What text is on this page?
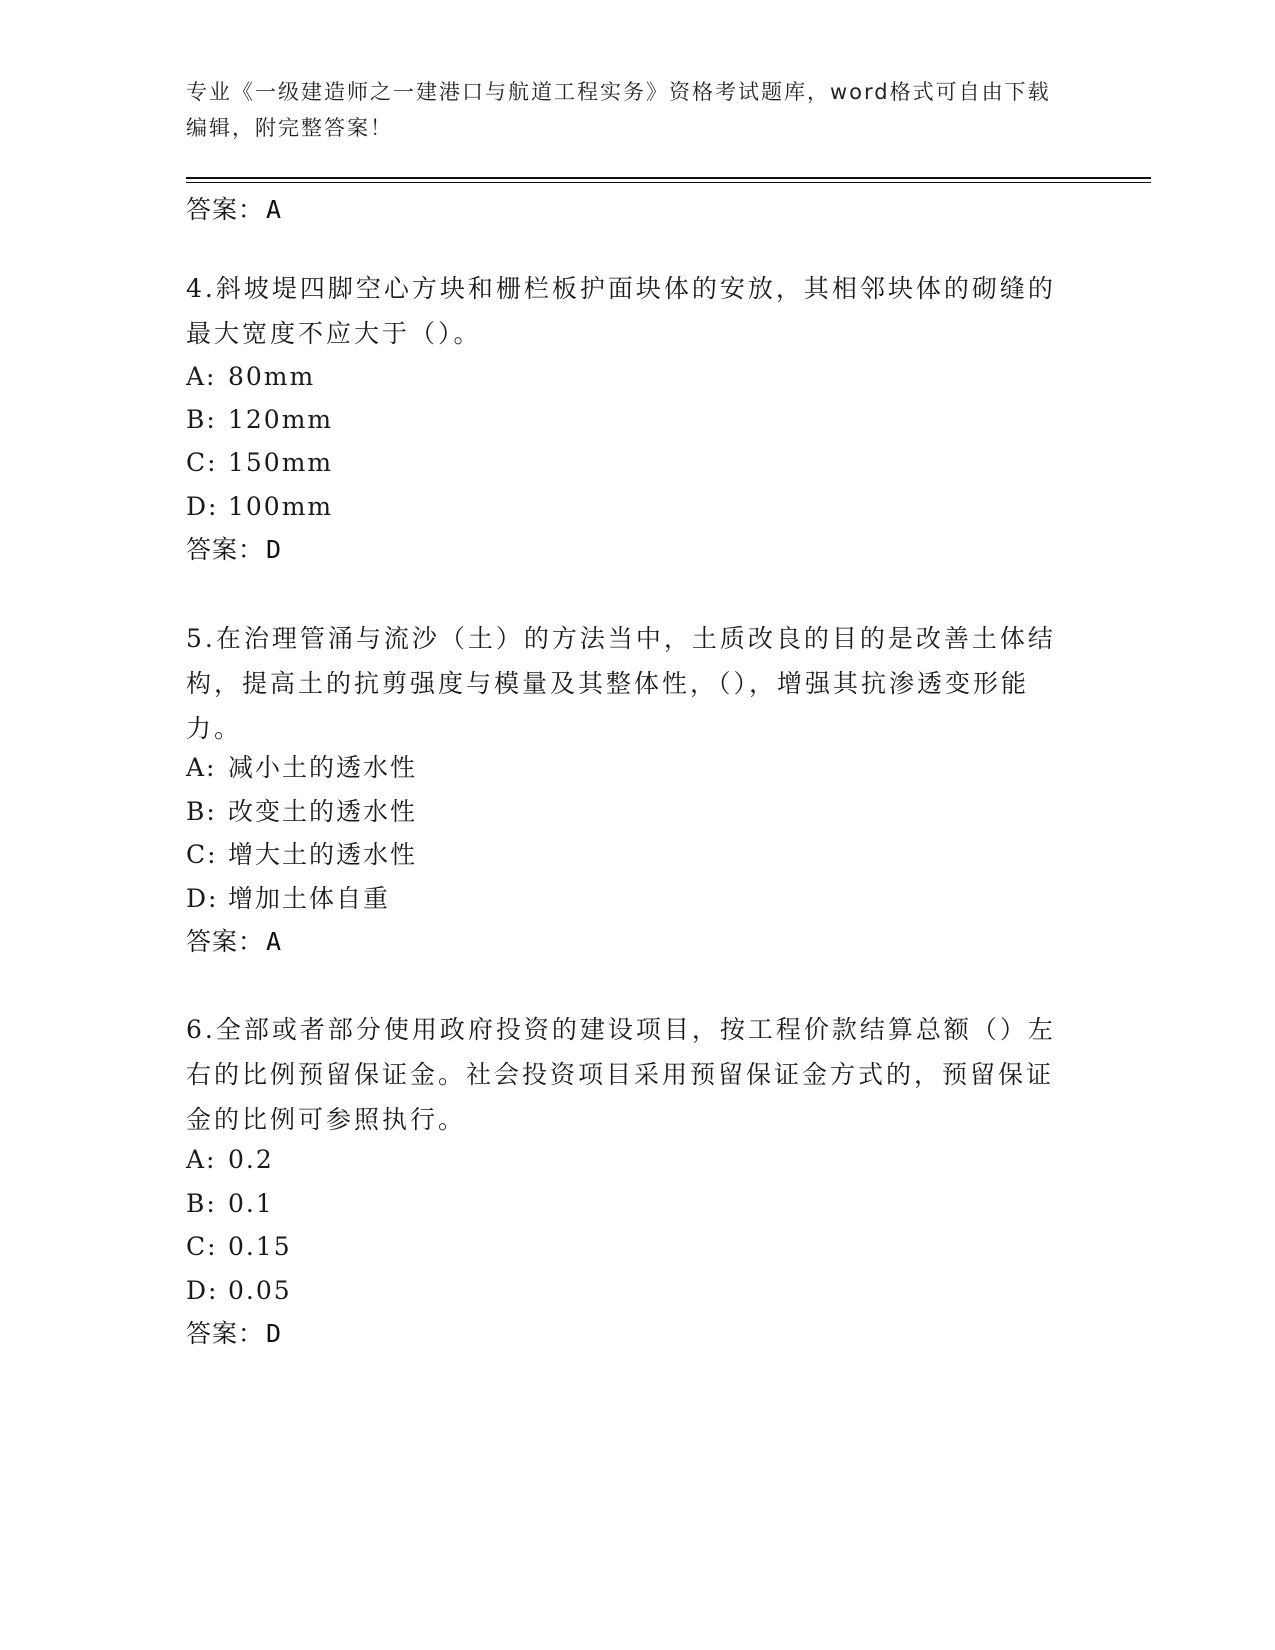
专业《一级建造师之一建港口与航道工程实务》资格考试题库，word格式可自由下载编辑，附完整答案！
答案：A
4.斜坡堤四脚空心方块和栅栏板护面块体的安放，其相邻块体的砌缝的最大宽度不应大于（）。
A: 80mm
B: 120mm
C: 150mm
D: 100mm
答案：D
5.在治理管涌与流沙（土）的方法当中，土质改良的目的是改善土体结构，提高土的抗剪强度与模量及其整体性，（），增强其抗渗透变形能力。
A: 减小土的透水性
B: 改变土的透水性
C: 增大土的透水性
D: 增加土体自重
答案：A
6.全部或者部分使用政府投资的建设项目，按工程价款结算总额（）左右的比例预留保证金。社会投资项目采用预留保证金方式的，预留保证金的比例可参照执行。
A: 0.2
B: 0.1
C: 0.15
D: 0.05
答案：D
